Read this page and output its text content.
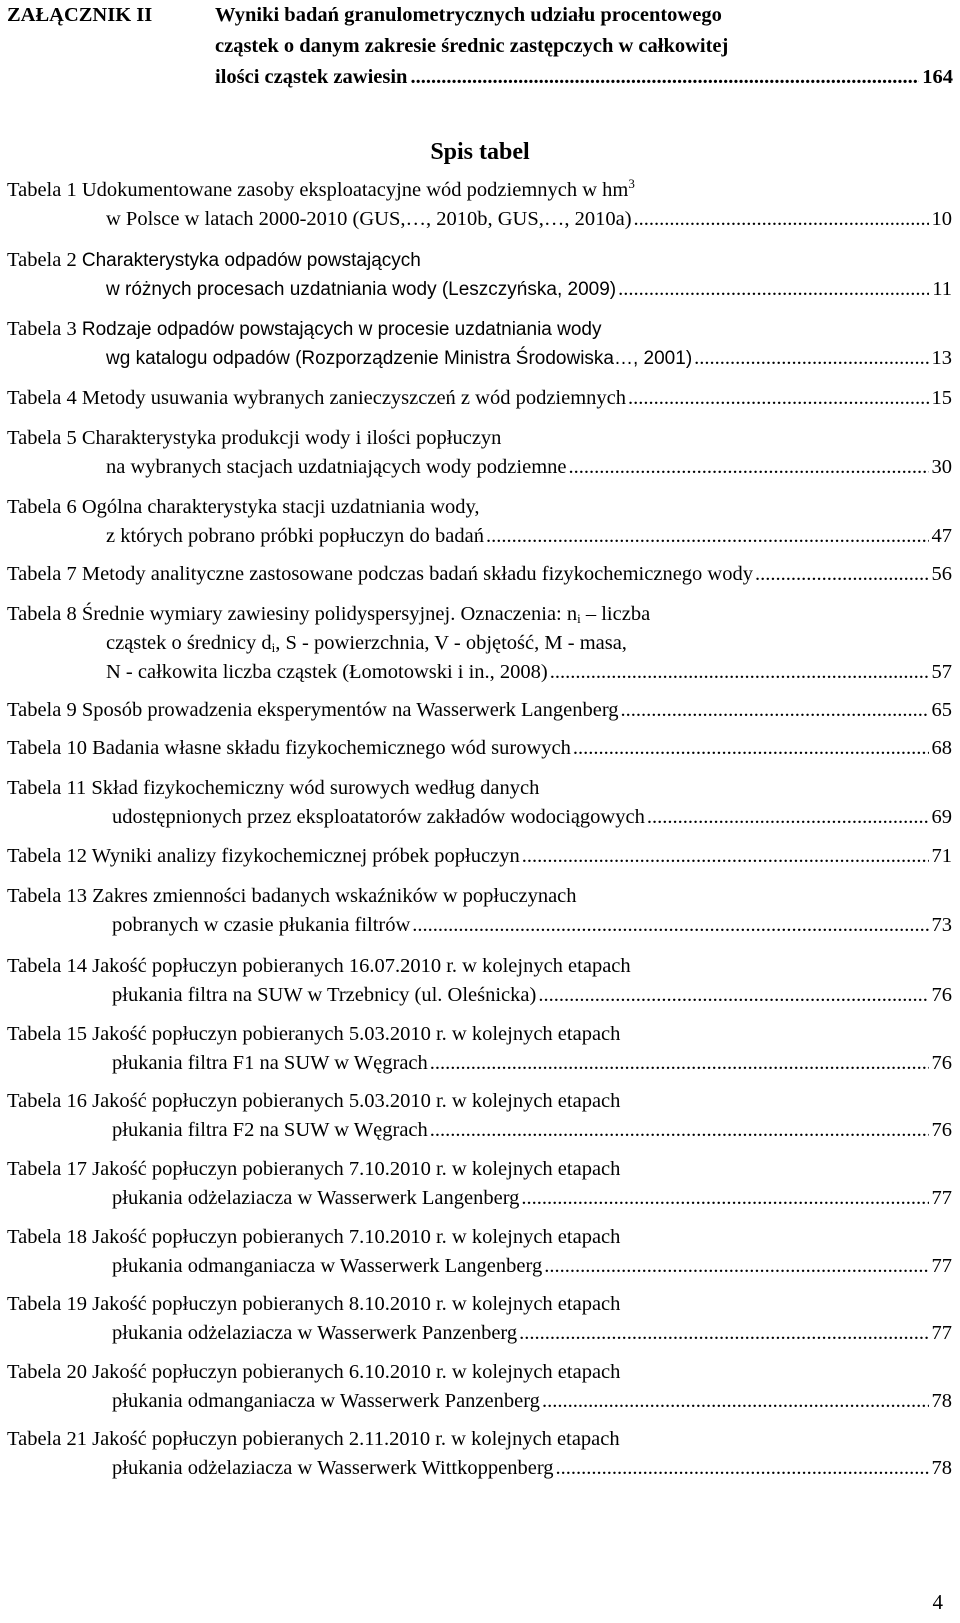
ZAŁĄCZNIK II	Wyniki badań granulometrycznych udziału procentowego
cząstek o danym zakresie średnic zastępczych w całkowitej
ilości cząstek zawiesin .....	164
Spis tabel
Tabela 1 Udokumentowane zasoby eksploatacyjne wód podziemnych w $hm^3$
w Polsce w latach 2000-2010 (GUS,…, 2010b, GUS,…, 2010a) .....	10
Tabela 2 Charakterystyka odpadów powstających
w różnych procesach uzdatniania wody (Leszczyńska, 2009) .....	11
Tabela 3 Rodzaje odpadów powstających w procesie uzdatniania wody
wg katalogu odpadów (Rozporządzenie Ministra Środowiska…, 2001) .....	13
Tabela 4 Metody usuwania wybranych zanieczyszczeń z wód podziemnych .....	15
Tabela 5 Charakterystyka produkcji wody i ilości popłuczyn
na wybranych stacjach uzdatniających wody podziemne .....	30
Tabela 6 Ogólna charakterystyka stacji uzdatniania wody,
z których pobrano próbki popłuczyn do badań .....	47
Tabela 7 Metody analityczne zastosowane podczas badań składu fizykochemicznego wody .....	56
Tabela 8 Średnie wymiary zawiesiny polidyspersyjnej. Oznaczenia: $n_i$ – liczba
cząstek o średnicy $d_i$, S - powierzchnia, V - objętość, M - masa,
N - całkowita liczba cząstek (Łomotowski i in., 2008) .....	57
Tabela 9 Sposób prowadzenia eksperymentów na Wasserwerk Langenberg .....	65
Tabela 10 Badania własne składu fizykochemicznego wód surowych .....	68
Tabela 11 Skład fizykochemiczny wód surowych według danych
udostępnionych przez eksploatatorów zakładów wodociągowych .....	69
Tabela 12 Wyniki analizy fizykochemicznej próbek popłuczyn .....	71
Tabela 13 Zakres zmienności badanych wskaźników w popłuczynach
pobranych w czasie płukania filtrów .....	73
Tabela 14 Jakość popłuczyn pobieranych 16.07.2010 r. w kolejnych etapach
płukania filtra na SUW w Trzebnicy (ul. Oleśnicka) .....	76
Tabela 15 Jakość popłuczyn pobieranych 5.03.2010 r. w kolejnych etapach
płukania filtra F1 na SUW w Węgrach .....	76
Tabela 16 Jakość popłuczyn pobieranych 5.03.2010 r. w kolejnych etapach
płukania filtra F2 na SUW w Węgrach .....	76
Tabela 17 Jakość popłuczyn pobieranych 7.10.2010 r. w kolejnych etapach
płukania odżelaziacza w Wasserwerk Langenberg .....	77
Tabela 18 Jakość popłuczyn pobieranych 7.10.2010 r. w kolejnych etapach
płukania odmanganiacza w Wasserwerk Langenberg .....	77
Tabela 19 Jakość popłuczyn pobieranych 8.10.2010 r. w kolejnych etapach
płukania odżelaziacza w Wasserwerk Panzenberg .....	77
Tabela 20 Jakość popłuczyn pobieranych 6.10.2010 r. w kolejnych etapach
płukania odmanganiacza w Wasserwerk Panzenberg .....	78
Tabela 21 Jakość popłuczyn pobieranych 2.11.2010 r. w kolejnych etapach
płukania odżelaziacza w Wasserwerk Wittkoppenberg .....	78
4
